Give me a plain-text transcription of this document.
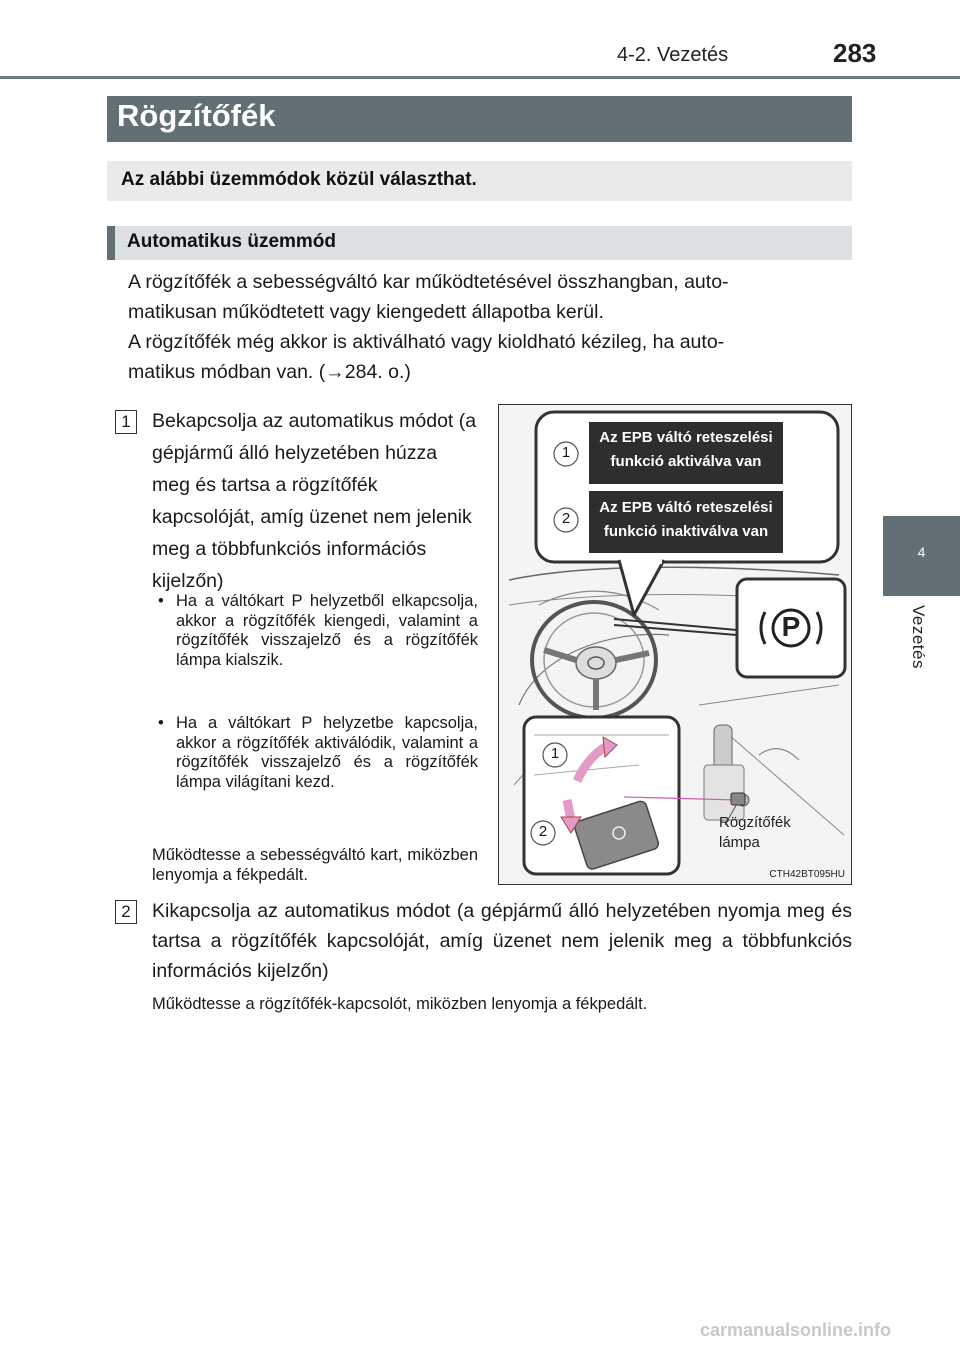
4-2. Vezetés	283
4
Vezetés
Rögzítőfék
Az alábbi üzemmódok közül választhat.
Automatikus üzemmód
A rögzítőfék a sebességváltó kar működtetésével összhangban, auto-
matikusan működtetett vagy kiengedett állapotba kerül.
A rögzítőfék még akkor is aktiválható vagy kioldható kézileg, ha auto-
matikus módban van. (→284. o.)
1	Bekapcsolja az automatikus módot (a gépjármű álló helyzetében húzza meg és tartsa a rögzítőfék kapcsolóját, amíg üzenet nem jelenik meg a többfunkciós információs kijelzőn)
• Ha a váltókart P helyzetből elkapcsolja, akkor a rögzítőfék kiengedi, valamint a rögzítőfék visszajelző és a rögzítőfék lámpa kialszik.
• Ha a váltókart P helyzetbe kapcsolja, akkor a rögzítőfék aktiválódik, valamint a rögzítőfék visszajelző és a rögzítőfék lámpa világítani kezd.
Működtesse a sebességváltó kart, miközben lenyomja a fékpedált.
Az EPB váltó reteszelési
funkció aktiválva van
Az EPB váltó reteszelési
funkció inaktiválva van
1
2
P
1
2
Rögzítőfék
lámpa
CTH42BT095HU
2	Kikapcsolja az automatikus módot (a gépjármű álló helyzetében nyomja meg és tartsa a rögzítőfék kapcsolóját, amíg üzenet nem jelenik meg a többfunkciós információs kijelzőn)
Működtesse a rögzítőfék-kapcsolót, miközben lenyomja a fékpedált.
carmanualsonline.info
